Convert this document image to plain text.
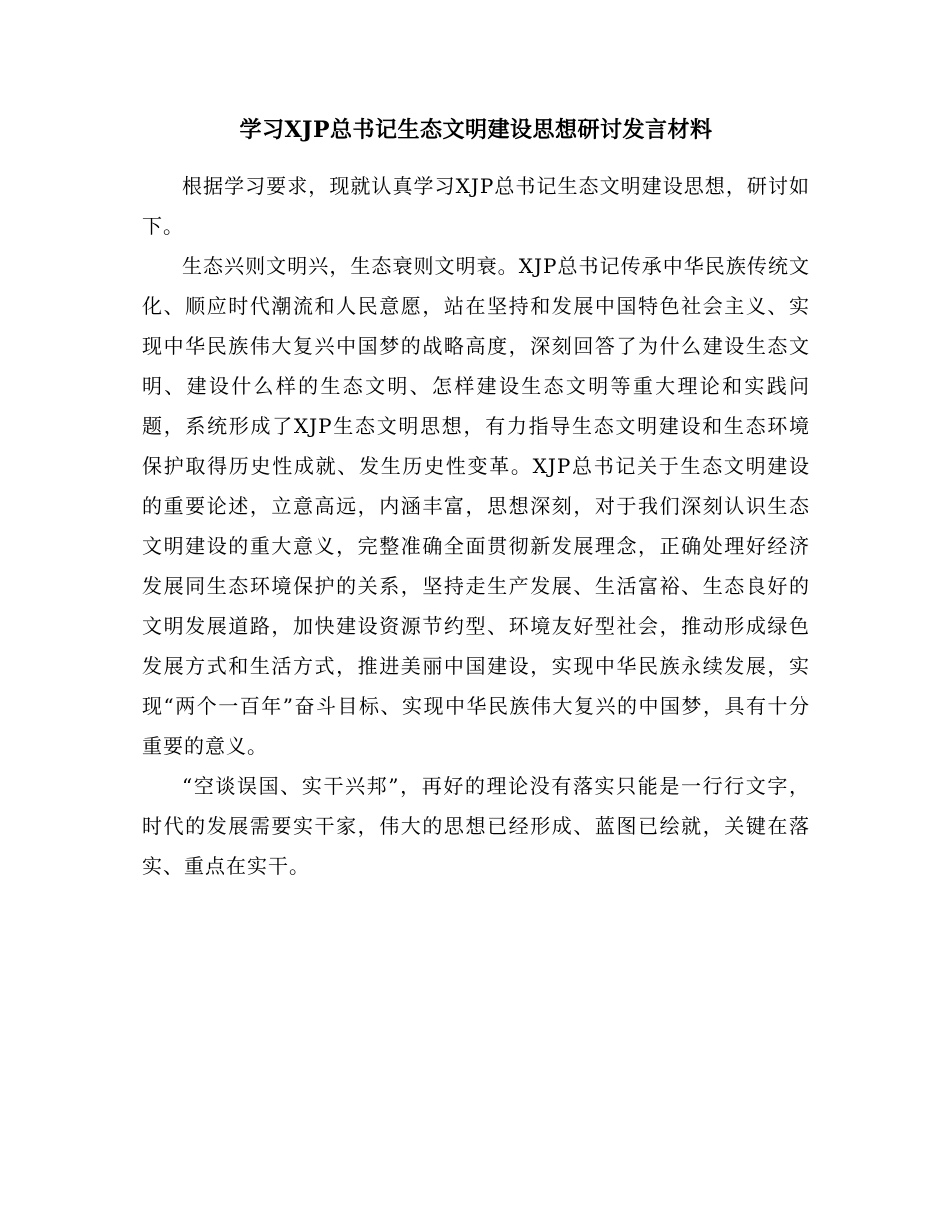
学习XJP总书记生态文明建设思想研讨发言材料

根据学习要求，现就认真学习XJP总书记生态文明建设思想，研讨如下。

生态兴则文明兴，生态衰则文明衰。XJP总书记传承中华民族传统文化、顺应时代潮流和人民意愿，站在坚持和发展中国特色社会主义、实现中华民族伟大复兴中国梦的战略高度，深刻回答了为什么建设生态文明、建设什么样的生态文明、怎样建设生态文明等重大理论和实践问题，系统形成了XJP生态文明思想，有力指导生态文明建设和生态环境保护取得历史性成就、发生历史性变革。XJP总书记关于生态文明建设的重要论述，立意高远，内涵丰富，思想深刻，对于我们深刻认识生态文明建设的重大意义，完整准确全面贯彻新发展理念，正确处理好经济发展同生态环境保护的关系，坚持走生产发展、生活富裕、生态良好的文明发展道路，加快建设资源节约型、环境友好型社会，推动形成绿色发展方式和生活方式，推进美丽中国建设，实现中华民族永续发展，实现“两个一百年”奋斗目标、实现中华民族伟大复兴的中国梦，具有十分重要的意义。

“空谈误国、实干兴邦”，再好的理论没有落实只能是一行行文字，时代的发展需要实干家，伟大的思想已经形成、蓝图已绘就，关键在落实、重点在实干。
